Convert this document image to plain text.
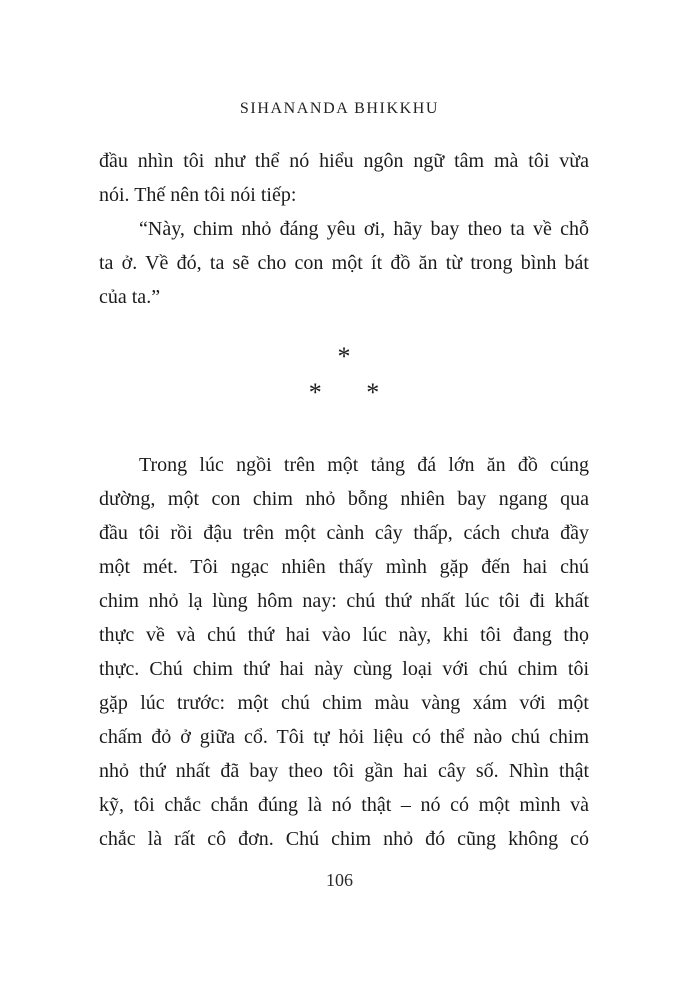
SIHANANDA BHIKKHU
đầu nhìn tôi như thể nó hiểu ngôn ngữ tâm mà tôi vừa
nói. Thế nên tôi nói tiếp:
“Này, chim nhỏ đáng yêu ơi, hãy bay theo ta về chỗ
ta ở. Về đó, ta sẽ cho con một ít đồ ăn từ trong bình bát
của ta.”
*
* *
Trong lúc ngồi trên một tảng đá lớn ăn đồ cúng
dường, một con chim nhỏ bỗng nhiên bay ngang qua
đầu tôi rồi đậu trên một cành cây thấp, cách chưa đầy
một mét. Tôi ngạc nhiên thấy mình gặp đến hai chú
chim nhỏ lạ lùng hôm nay: chú thứ nhất lúc tôi đi khất
thực về và chú thứ hai vào lúc này, khi tôi đang thọ
thực. Chú chim thứ hai này cùng loại với chú chim tôi
gặp lúc trước: một chú chim màu vàng xám với một
chấm đỏ ở giữa cổ. Tôi tự hỏi liệu có thể nào chú chim
nhỏ thứ nhất đã bay theo tôi gần hai cây số. Nhìn thật
kỹ, tôi chắc chắn đúng là nó thật – nó có một mình và
chắc là rất cô đơn. Chú chim nhỏ đó cũng không có
106
